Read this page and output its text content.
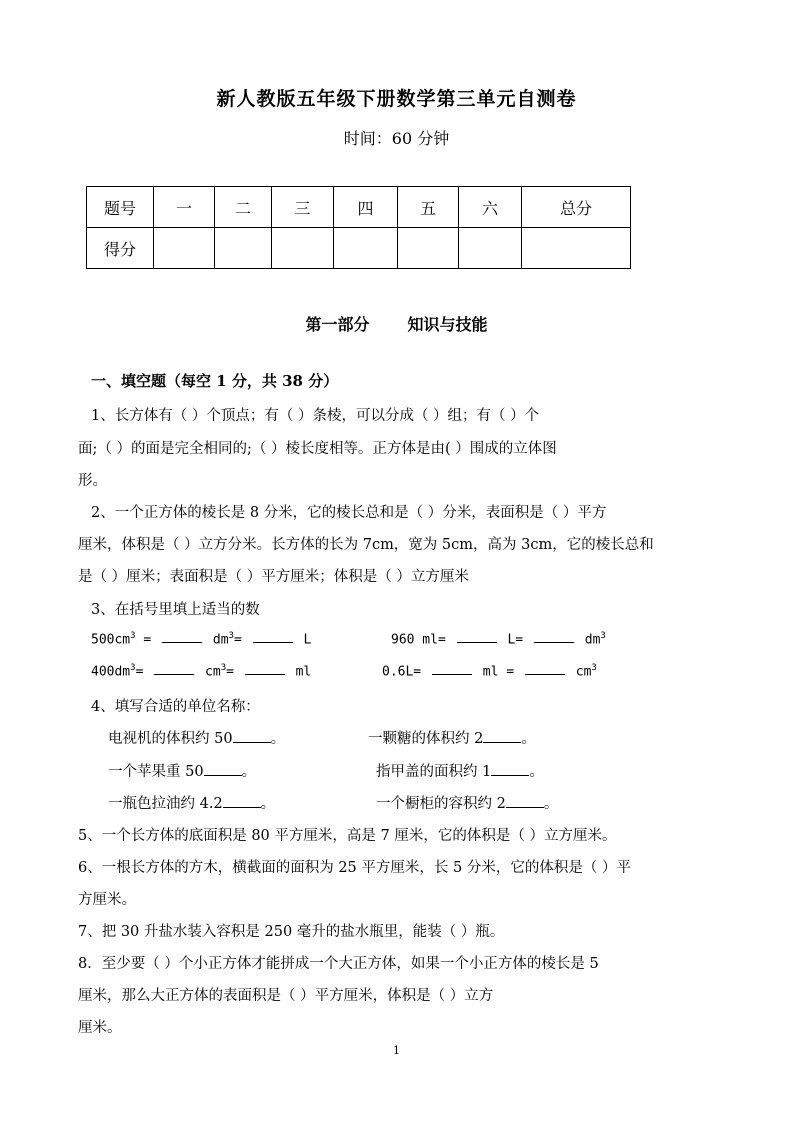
新人教版五年级下册数学第三单元自测卷
时间：60 分钟
题号	一	二	三	四	五	六	总分
得分							
第一部分 知识与技能
一、填空题（每空 1 分，共 38 分）
1、长方体有（ ）个顶点；有（ ）条棱，可以分成（ ）组；有（ ）个
面;（ ）的面是完全相同的;（ ）棱长度相等。正方体是由( ）围成的立体图
形。
2、一个正方体的棱长是 8 分米，它的棱长总和是（ ）分米，表面积是（ ）平方
厘米，体积是（ ）立方分米。长方体的长为 7cm，宽为 5cm，高为 3cm，它的棱长总和
是（ ）厘米；表面积是（ ）平方厘米；体积是（ ）立方厘米
3、在括号里填上适当的数
$500cm^3$ =	$dm^3=$	L	960 ml=	L=	$dm^3$
$400dm^3=$	$cm^3=$	ml	0.6L=	ml =	$cm^3$
4、填写合适的单位名称：
电视机的体积约 50	。	一颗糖的体积约 2	。
一个苹果重 50	。	指甲盖的面积约 1	。
一瓶色拉油约 4.2	。	一个橱柜的容积约 2	。
5、一个长方体的底面积是 80 平方厘米，高是 7 厘米，它的体积是（ ）立方厘米。
6、一根长方体的方木，横截面的面积为 25 平方厘米，长 5 分米，它的体积是（ ）平
方厘米。
7、把 30 升盐水装入容积是 250 毫升的盐水瓶里，能装（ ）瓶。
8．至少要（ ）个小正方体才能拼成一个大正方体，如果一个小正方体的棱长是 5
厘米，那么大正方体的表面积是（ ）平方厘米，体积是（ ）立方
厘米。
1
